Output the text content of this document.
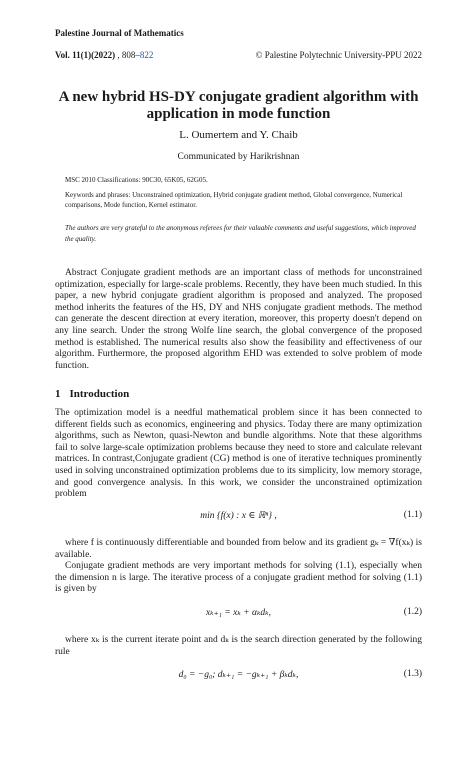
Palestine Journal of Mathematics
Vol. 11(1)(2022) , 808–822	© Palestine Polytechnic University-PPU 2022
A new hybrid HS-DY conjugate gradient algorithm with application in mode function
L. Oumertem and Y. Chaib
Communicated by Harikrishnan
MSC 2010 Classifications: 90C30, 65K05, 62G05.
Keywords and phrases: Unconstrained optimization, Hybrid conjugate gradient method, Global convergence, Numerical comparisons, Mode function, Kernel estimator.
The authors are very grateful to the anonymous referees for their valuable comments and useful suggestions, which improved the quality.
Abstract Conjugate gradient methods are an important class of methods for unconstrained optimization, especially for large-scale problems. Recently, they have been much studied. In this paper, a new hybrid conjugate gradient algorithm is proposed and analyzed. The proposed method inherits the features of the HS, DY and NHS conjugate gradient methods. The method can generate the descent direction at every iteration, moreover, this property doesn't depend on any line search. Under the strong Wolfe line search, the global convergence of the proposed method is established. The numerical results also show the feasibility and effectiveness of our algorithm. Furthermore, the proposed algorithm EHD was extended to solve problem of mode function.
1 Introduction
The optimization model is a needful mathematical problem since it has been connected to different fields such as economics, engineering and physics. Today there are many optimization algorithms, such as Newton, quasi-Newton and bundle algorithms. Note that these algorithms fail to solve large-scale optimization problems because they need to store and calculate relevant matrices. In contrast,Conjugate gradient (CG) method is one of iterative techniques prominently used in solving unconstrained optimization problems due to its simplicity, low memory storage, and good convergence analysis. In this work, we consider the unconstrained optimization problem
min {f(x) : x ∈ ℝⁿ} ,	(1.1)
where f is continuously differentiable and bounded from below and its gradient gₖ = ∇f(xₖ) is available.
Conjugate gradient methods are very important methods for solving (1.1), especially when the dimension n is large. The iterative process of a conjugate gradient method for solving (1.1) is given by
xₖ₊₁ = xₖ + αₖdₖ,	(1.2)
where xₖ is the current iterate point and dₖ is the search direction generated by the following rule
d₀ = −g₀; dₖ₊₁ = −gₖ₊₁ + βₖdₖ,	(1.3)
